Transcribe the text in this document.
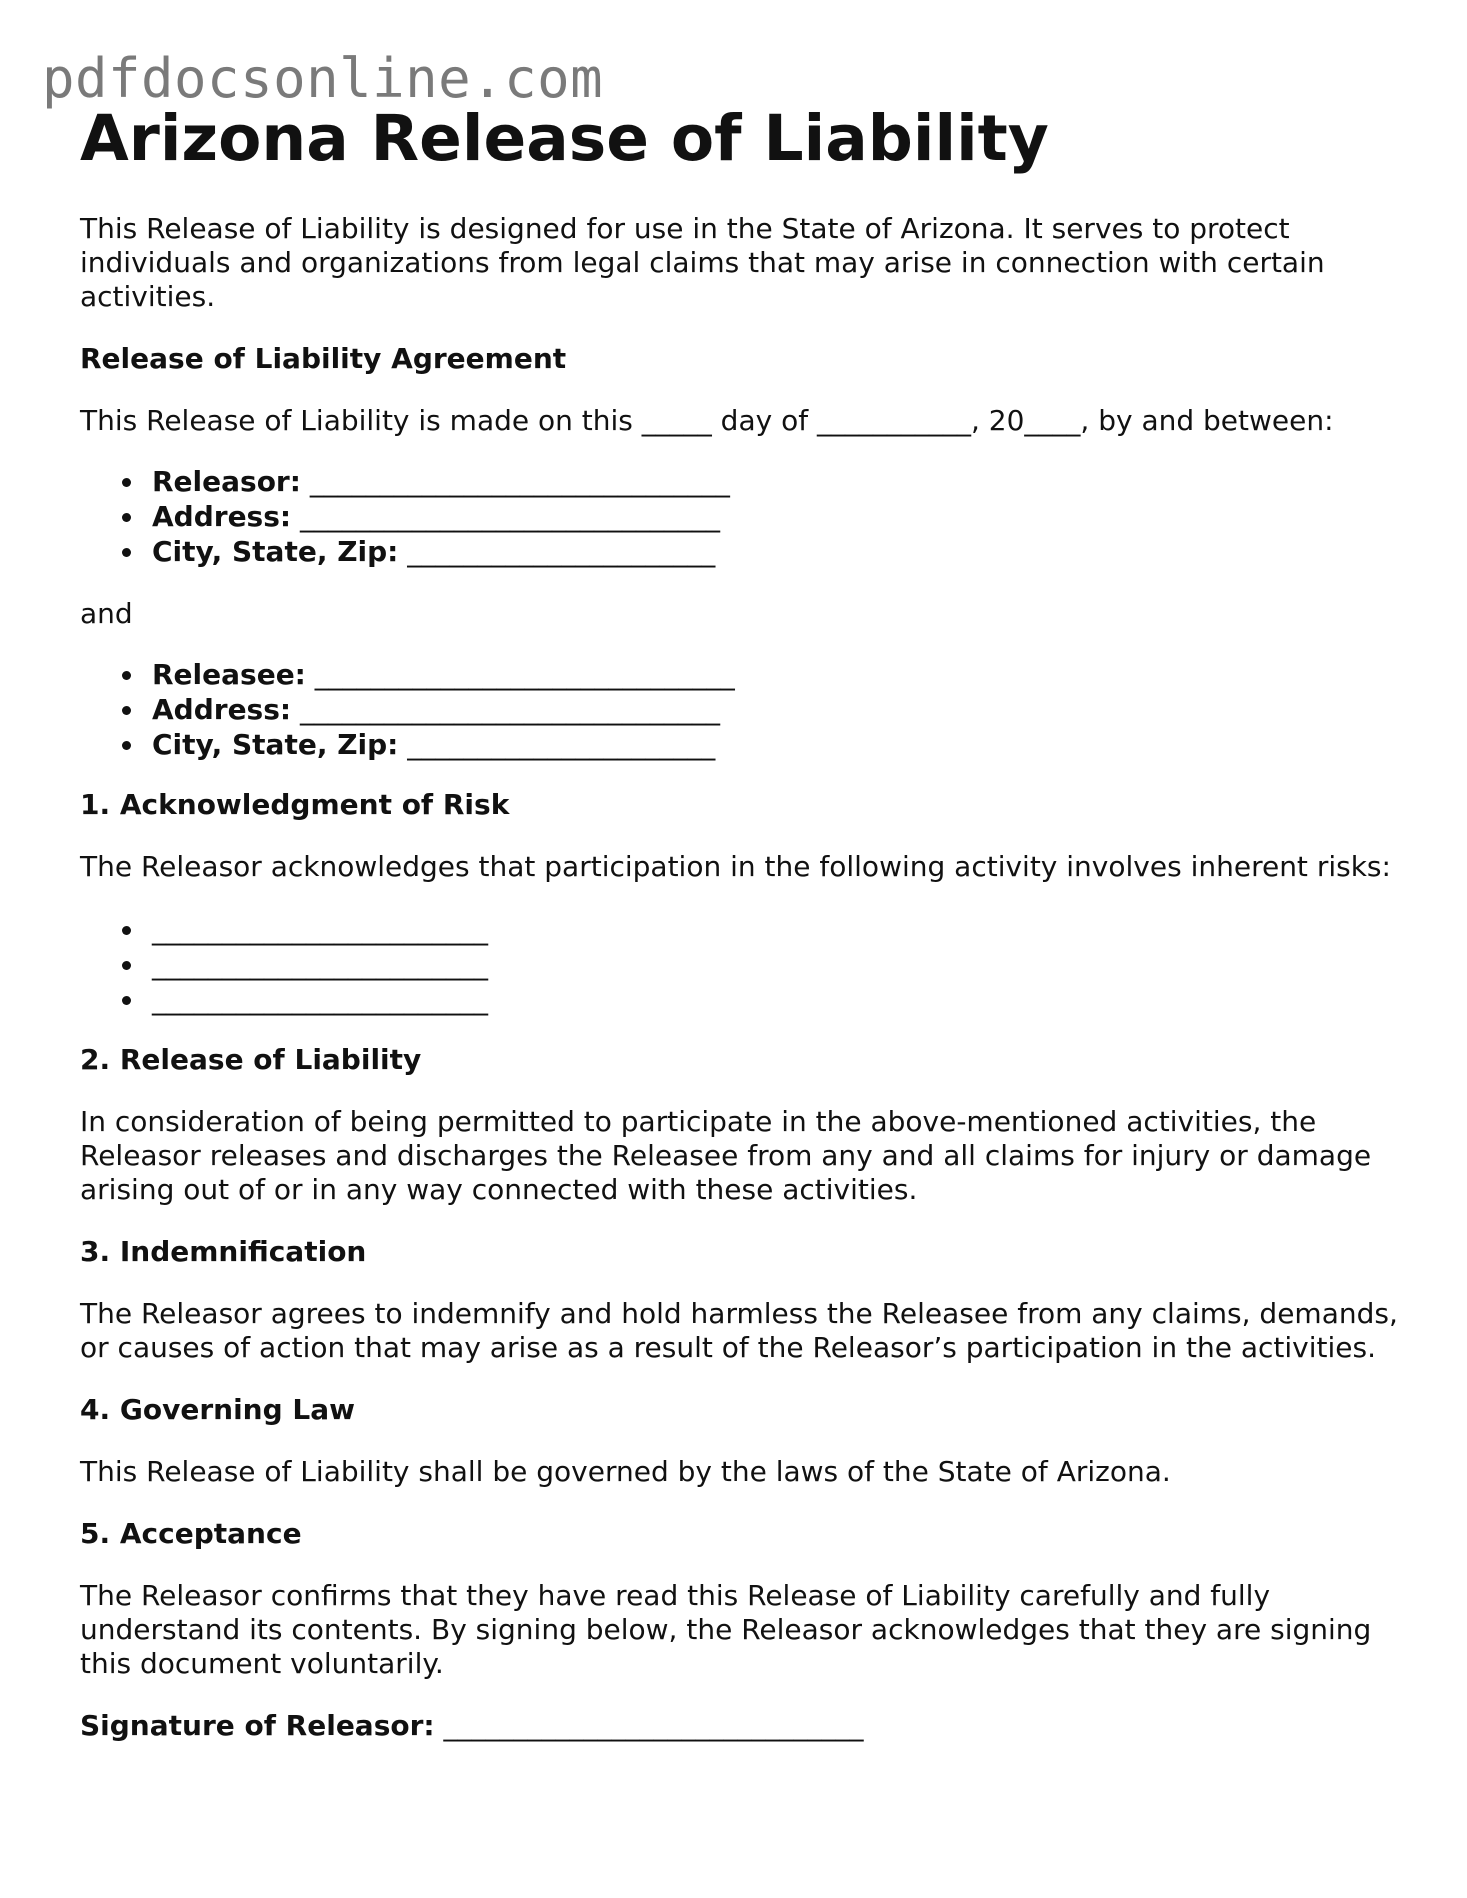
pdfdocsonline.com
Arizona Release of Liability

This Release of Liability is designed for use in the State of Arizona. It serves to protect individuals and organizations from legal claims that may arise in connection with certain activities.

Release of Liability Agreement

This Release of Liability is made on this _____ day of ___________, 20____, by and between:

Releasor: ______________________________
Address: ______________________________
City, State, Zip: ______________________

and

Releasee: ______________________________
Address: ______________________________
City, State, Zip: ______________________
1. Acknowledgment of Risk

The Releasor acknowledges that participation in the following activity involves inherent risks:

________________________
________________________
________________________
2. Release of Liability

In consideration of being permitted to participate in the above-mentioned activities, the Releasor releases and discharges the Releasee from any and all claims for injury or damage arising out of or in any way connected with these activities.

3. Indemnification

The Releasor agrees to indemnify and hold harmless the Releasee from any claims, demands, or causes of action that may arise as a result of the Releasor’s participation in the activities.

4. Governing Law

This Release of Liability shall be governed by the laws of the State of Arizona.

5. Acceptance

The Releasor confirms that they have read this Release of Liability carefully and fully understand its contents. By signing below, the Releasor acknowledges that they are signing this document voluntarily.

Signature of Releasor: ______________________________
